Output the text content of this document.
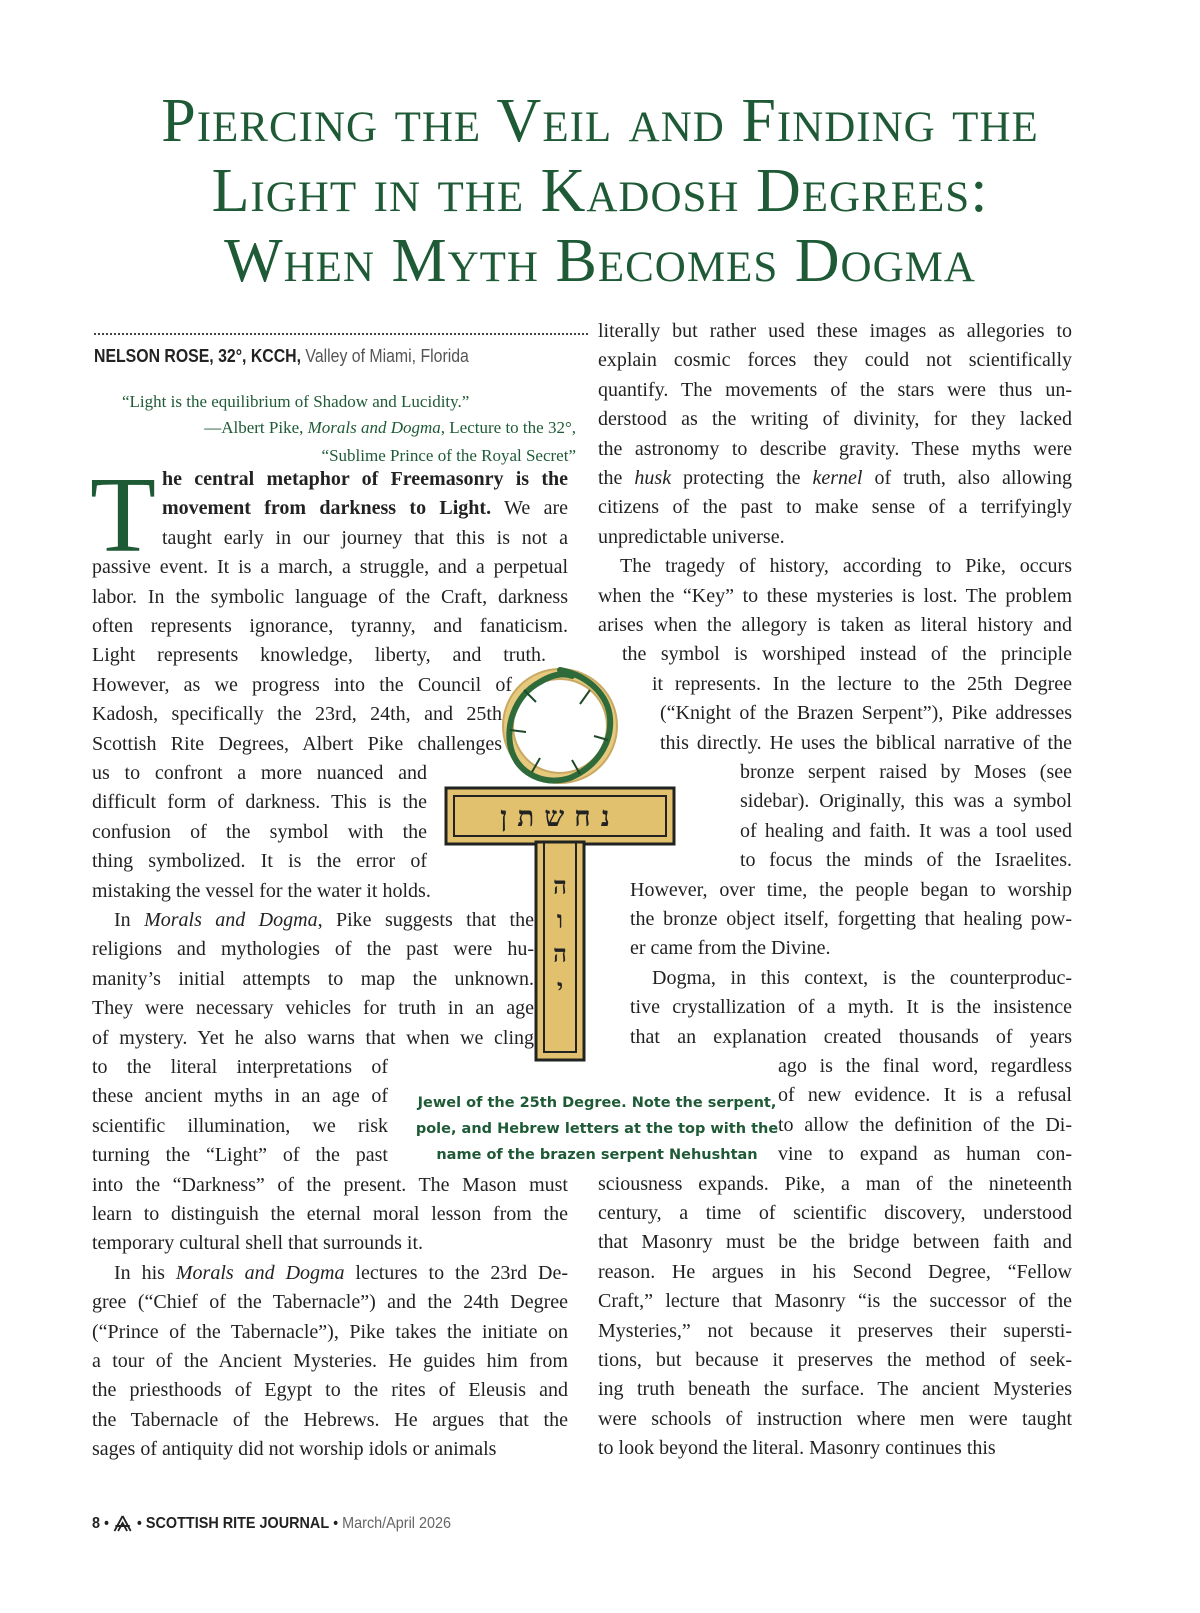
Piercing the Veil and Finding the
Light in the Kadosh Degrees:
When Myth Becomes Dogma
NELSON ROSE, 32°, KCCH, Valley of Miami, Florida
“Light is the equilibrium of Shadow and Lucidity.”
—Albert Pike, Morals and Dogma, Lecture to the 32°,
“Sublime Prince of the Royal Secret”
T he central metaphor of Freemasonry is the
movement from darkness to Light. We are
taught early in our journey that this is not a
passive event. It is a march, a struggle, and a perpetual
labor. In the symbolic language of the Craft, darkness
often represents ignorance, tyranny, and fanaticism.
Light represents knowledge, liberty, and truth.
However, as we progress into the Council of
Kadosh, specifically the 23rd, 24th, and 25th
Scottish Rite Degrees, Albert Pike challenges
us to confront a more nuanced and
difficult form of darkness. This is the
confusion of the symbol with the
thing symbolized. It is the error of
mistaking the vessel for the water it holds.
In Morals and Dogma, Pike suggests that the
religions and mythologies of the past were hu-
manity’s initial attempts to map the unknown.
They were necessary vehicles for truth in an age
of mystery. Yet he also warns that when we cling
to the literal interpretations of
these ancient myths in an age of
scientific illumination, we risk
turning the “Light” of the past
into the “Darkness” of the present. The Mason must
learn to distinguish the eternal moral lesson from the
temporary cultural shell that surrounds it.
In his Morals and Dogma lectures to the 23rd De-
gree (“Chief of the Tabernacle”) and the 24th Degree
(“Prince of the Tabernacle”), Pike takes the initiate on
a tour of the Ancient Mysteries. He guides him from
the priesthoods of Egypt to the rites of Eleusis and
the Tabernacle of the Hebrews. He argues that the
sages of antiquity did not worship idols or animals
literally but rather used these images as allegories to
explain cosmic forces they could not scientifically
quantify. The movements of the stars were thus un-
derstood as the writing of divinity, for they lacked
the astronomy to describe gravity. These myths were
the husk protecting the kernel of truth, also allowing
citizens of the past to make sense of a terrifyingly
unpredictable universe.
The tragedy of history, according to Pike, occurs
when the “Key” to these mysteries is lost. The problem
arises when the allegory is taken as literal history and
the symbol is worshiped instead of the principle
it represents. In the lecture to the 25th Degree
(“Knight of the Brazen Serpent”), Pike addresses
this directly. He uses the biblical narrative of the
bronze serpent raised by Moses (see
sidebar). Originally, this was a symbol
of healing and faith. It was a tool used
to focus the minds of the Israelites.
However, over time, the people began to worship
the bronze object itself, forgetting that healing pow-
er came from the Divine.
Dogma, in this context, is the counterproduc-
tive crystallization of a myth. It is the insistence
that an explanation created thousands of years
ago is the final word, regardless
of new evidence. It is a refusal
to allow the definition of the Di-
vine to expand as human con-
sciousness expands. Pike, a man of the nineteenth
century, a time of scientific discovery, understood
that Masonry must be the bridge between faith and
reason. He argues in his Second Degree, “Fellow
Craft,” lecture that Masonry “is the successor of the
Mysteries,” not because it preserves their supersti-
tions, but because it preserves the method of seek-
ing truth beneath the surface. The ancient Mysteries
were schools of instruction where men were taught
to look beyond the literal. Masonry continues this
נחשתן
ה
ו
ה
י
Jewel of the 25th Degree. Note the serpent,
pole, and Hebrew letters at the top with the
name of the brazen serpent Nehushtan
8 •  • SCOTTISH RITE JOURNAL • March/April 2026
